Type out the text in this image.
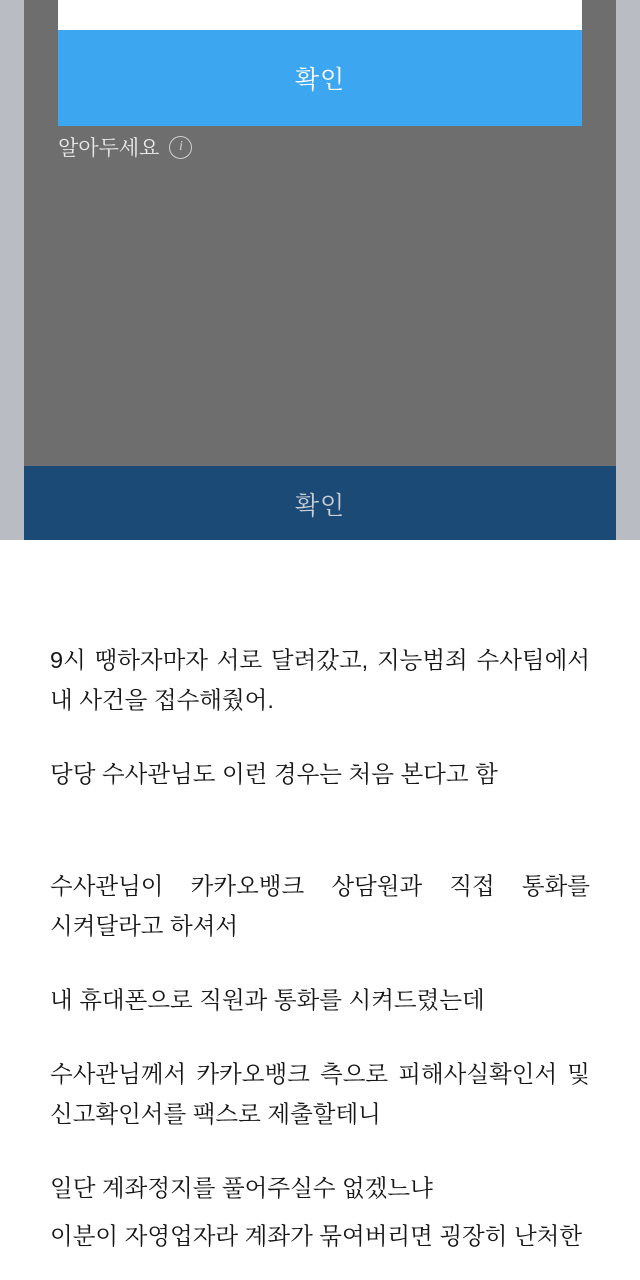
확인
알아두세요	i
확인

9시 땡하자마자 서로 달려갔고, 지능범죄 수사팀에서 내 사건을 접수해줬어.

당당 수사관님도 이런 경우는 처음 본다고 함

수사관님이 카카오뱅크 상담원과 직접 통화를 시켜달라고 하셔서

내 휴대폰으로 직원과 통화를 시켜드렸는데

수사관님께서 카카오뱅크 측으로 피해사실확인서 및 신고확인서를 팩스로 제출할테니

일단 계좌정지를 풀어주실수 없겠느냐

이분이 자영업자라 계좌가 묶여버리면 굉장히 난처한
